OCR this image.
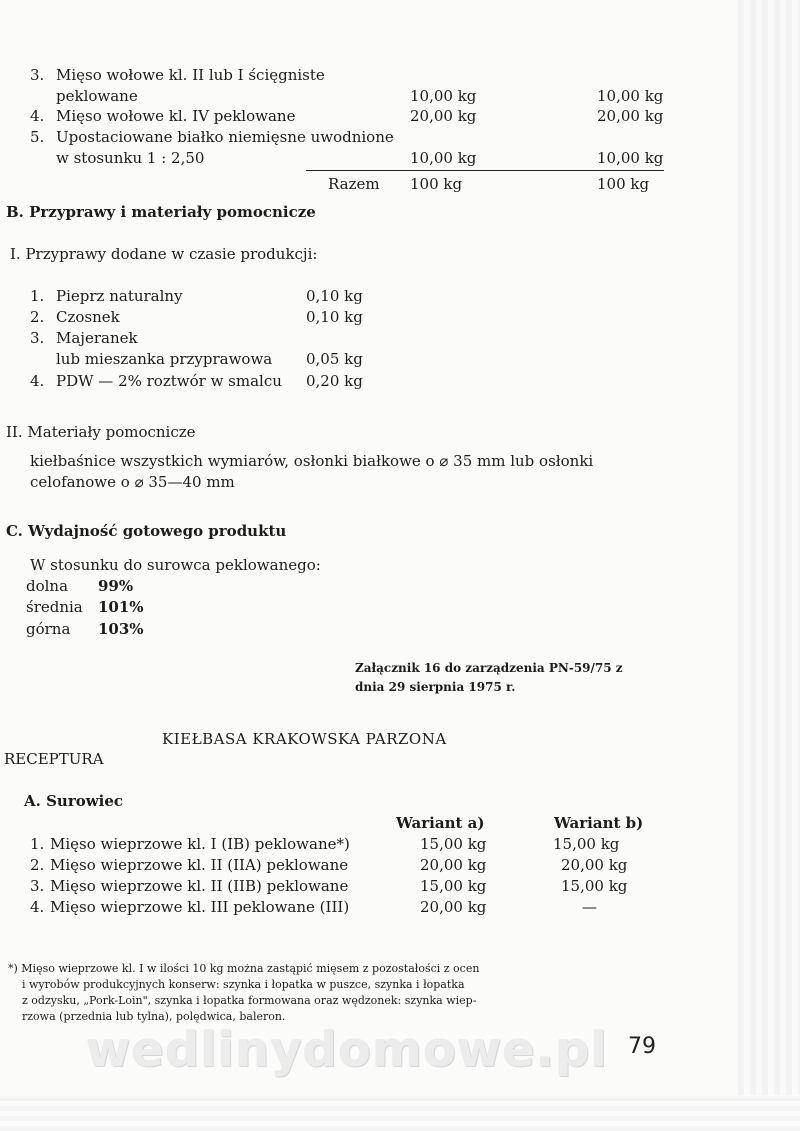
3. Mięso wołowe kl. II lub I ścięgniste
peklowane	10,00 kg	10,00 kg
4. Mięso wołowe kl. IV peklowane	20,00 kg	20,00 kg
5. Upostaciowane białko niemięsne uwodnione
w stosunku 1 : 2,50	10,00 kg	10,00 kg
Razem 100 kg	100 kg
B. Przyprawy i materiały pomocnicze
I. Przyprawy dodane w czasie produkcji:
1. Pieprz naturalny	0,10 kg
2. Czosnek	0,10 kg
3. Majeranek
lub mieszanka przyprawowa 0,05 kg
4. PDW — 2% roztwór w smalcu 0,20 kg
II. Materiały pomocnicze
kiełbaśnice wszystkich wymiarów, osłonki białkowe o ⌀ 35 mm lub osłonki
celofanowe o ⌀ 35—40 mm
C. Wydajność gotowego produktu
W stosunku do surowca peklowanego:
dolna 99%
średnia 101%
górna 103%
Załącznik 16 do zarządzenia PN-59/75 z
dnia 29 sierpnia 1975 r.
KIEŁBASA KRAKOWSKA PARZONA
RECEPTURA
A. Surowiec
Wariant a)	Wariant b)
1. Mięso wieprzowe kl. I (IB) peklowane*)	15,00 kg	15,00 kg
2. Mięso wieprzowe kl. II (IIA) peklowane	20,00 kg	20,00 kg
3. Mięso wieprzowe kl. II (IIB) peklowane	15,00 kg	15,00 kg
4. Mięso wieprzowe kl. III peklowane (III)	20,00 kg	—
*) Mięso wieprzowe kl. I w ilości 10 kg można zastąpić mięsem z pozostałości z ocen
i wyrobów produkcyjnych konserw: szynka i łopatka w puszce, szynka i łopatka
z odzysku, „Pork-Loin", szynka i łopatka formowana oraz wędzonek: szynka wiep-
rzowa (przednia lub tylna), polędwica, baleron.
wedlinydomowe.pl 79
